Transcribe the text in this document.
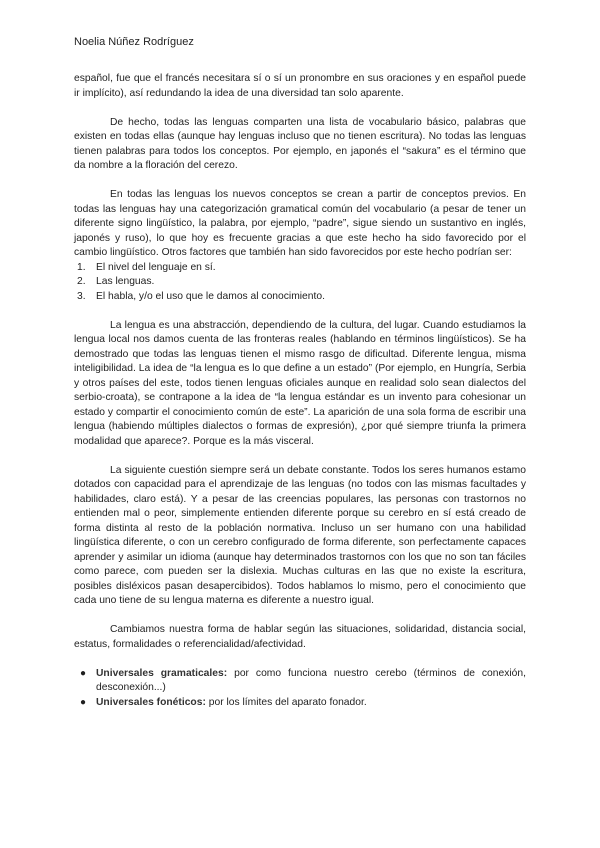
Noelia Núñez Rodríguez

español, fue que el francés necesitara sí o sí un pronombre en sus oraciones y en español puede ir implícito), así redundando la idea de una diversidad tan solo aparente.

De hecho, todas las lenguas comparten una lista de vocabulario básico, palabras que existen en todas ellas (aunque hay lenguas incluso que no tienen escritura). No todas las lenguas tienen palabras para todos los conceptos. Por ejemplo, en japonés el “sakura” es el término que da nombre a la floración del cerezo.

En todas las lenguas los nuevos conceptos se crean a partir de conceptos previos. En todas las lenguas hay una categorización gramatical común del vocabulario (a pesar de tener un diferente signo lingüístico, la palabra, por ejemplo, “padre”, sigue siendo un sustantivo en inglés, japonés y ruso), lo que hoy es frecuente gracias a que este hecho ha sido favorecido por el cambio lingüístico. Otros factores que también han sido favorecidos por este hecho podrían ser:

1. El nivel del lenguaje en sí.
2. Las lenguas.
3. El habla, y/o el uso que le damos al conocimiento.

La lengua es una abstracción, dependiendo de la cultura, del lugar. Cuando estudiamos la lengua local nos damos cuenta de las fronteras reales (hablando en términos lingüísticos). Se ha demostrado que todas las lenguas tienen el mismo rasgo de dificultad. Diferente lengua, misma inteligibilidad. La idea de “la lengua es lo que define a un estado” (Por ejemplo, en Hungría, Serbia y otros países del este, todos tienen lenguas oficiales aunque en realidad solo sean dialectos del serbio-croata), se contrapone a la idea de “la lengua estándar es un invento para cohesionar un estado y compartir el conocimiento común de este”. La aparición de una sola forma de escribir una lengua (habiendo múltiples dialectos o formas de expresión), ¿por qué siempre triunfa la primera modalidad que aparece?. Porque es la más visceral.

La siguiente cuestión siempre será un debate constante. Todos los seres humanos estamo dotados con capacidad para el aprendizaje de las lenguas (no todos con las mismas facultades y habilidades, claro está). Y a pesar de las creencias populares, las personas con trastornos no entienden mal o peor, simplemente entienden diferente porque su cerebro en sí está creado de forma distinta al resto de la población normativa. Incluso un ser humano con una habilidad lingüística diferente, o con un cerebro configurado de forma diferente, son perfectamente capaces aprender y asimilar un idioma (aunque hay determinados trastornos con los que no son tan fáciles como parece, com pueden ser la dislexia. Muchas culturas en las que no existe la escritura, posibles disléxicos pasan desapercibidos). Todos hablamos lo mismo, pero el conocimiento que cada uno tiene de su lengua materna es diferente a nuestro igual.

Cambiamos nuestra forma de hablar según las situaciones, solidaridad, distancia social, estatus, formalidades o referencialidad/afectividad.

● Universales gramaticales: por como funciona nuestro cerebo (términos de conexión, desconexión...)
● Universales fonéticos: por los límites del aparato fonador.
